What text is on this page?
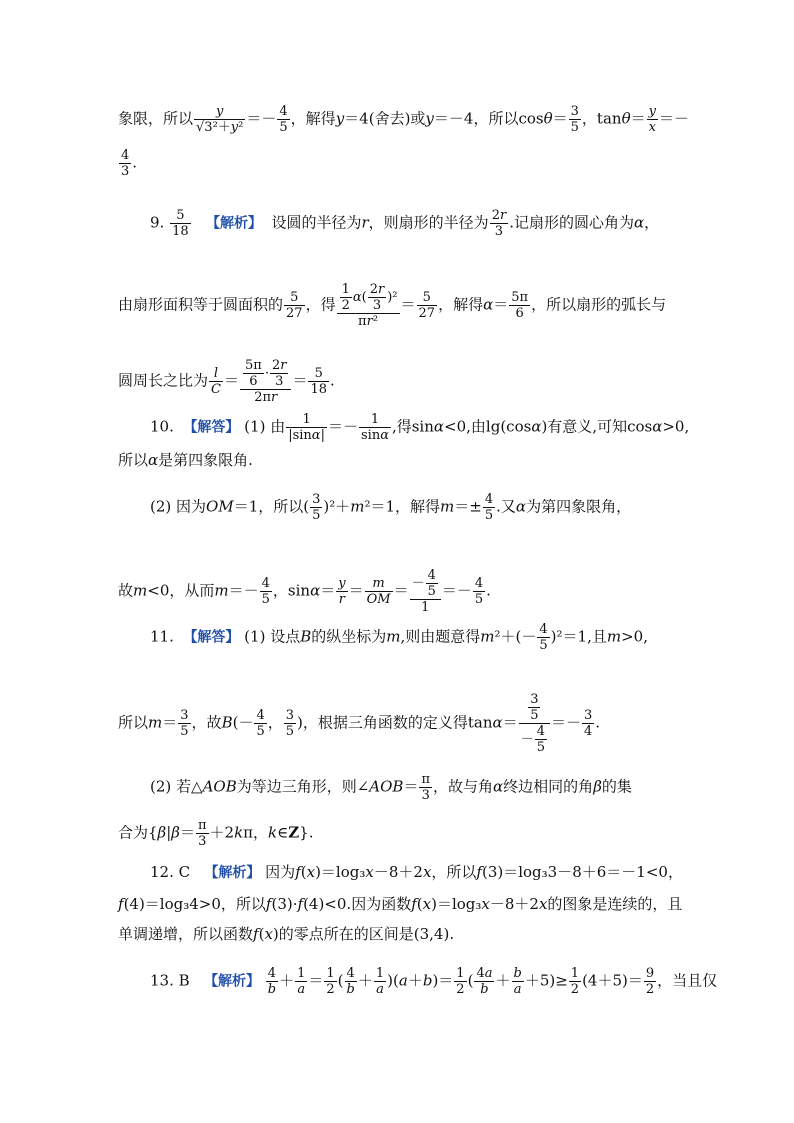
象限，所以 $\frac{y}{\text{√3²＋y²}} =- \frac{4}{5}$ ，解得y＝4(舍去)或y＝－4，所以$\cos\theta= \frac{3}{5}$ ，$\tan\theta= \frac{y}{x}$ ＝－
$\frac{4}{3}$ .
9. $\frac{5}{18}$ 【解析】  设圆的半径为r，则扇形的半径为 $\frac{2r}{3}$ .记扇形的圆心角为α，
由扇形面积等于圆面积的 $\frac{5}{27}$ ，得 $\frac{\frac{1}{2} \alpha( \frac{2r}{3} )^2}{\text{πr²}} = \frac{5}{27}$ ，解得$\alpha= \frac{5\pi}{6}$ ，所以扇形的弧长与
圆周长之比为 $\frac{l}{C} = \frac{\frac{5\pi}{6} \cdot \frac{2r}{3}}{2\pi r} = \frac{5}{18}$ .
10.  【解答】 (1) 由 $\frac{1}{|\sin\alpha|} =- \frac{1}{\sin\alpha}$ ,得sinα<0,由lg(cosα)有意义,可知cosα>0,
所以α是第四象限角.
(2) 因为OM＝1，所以( $\frac{3}{5} )^2+m^2=1$，解得$m=\pm \frac{4}{5}$ .又α为第四象限角，
故m<0，从而$m=- \frac{4}{5}$ ，$\sin\alpha= \frac{y}{r} = \frac{m}{OM} = \frac{- \frac{4}{5}}{1} =- \frac{4}{5}$ .
11.  【解答】 (1) 设点B的纵坐标为m,则由题意得$m^2+(- \frac{4}{5} )^2=1$,且m>0,
所以$m= \frac{3}{5}$ ，故$B(- \frac{4}{5}$ ， $\frac{3}{5}$ )，根据三角函数的定义得$\tan\alpha= \frac{\frac{3}{5}}{- \frac{4}{5}} =- \frac{3}{4}$ .
(2) 若△AOB为等边三角形，则∠AOB＝ $\frac{\pi}{3}$ ，故与角α终边相同的角β的集
合为{$\beta|\beta= \frac{\pi}{3} +2k\pi$，k∈Z}.
12. C   【解析】 因为f(x)＝log₃x－8＋2x，所以f(3)＝log₃3－8＋6＝－1<0，
f(4)＝log₃4>0，所以f(3)·f(4)<0.因为函数f(x)＝log₃x－8＋2x的图象是连续的，且
单调递增，所以函数f(x)的零点所在的区间是(3,4).
13. B   【解析】 $\frac{4}{b} + \frac{1}{a} = \frac{1}{2}$ ( $\frac{4}{b} + \frac{1}{a} )(a+b)= \frac{1}{2}$ ( $\frac{4a}{b} + \frac{b}{a} +5)\ge \frac{1}{2} (4+5)= \frac{9}{2}$ ，当且仅
